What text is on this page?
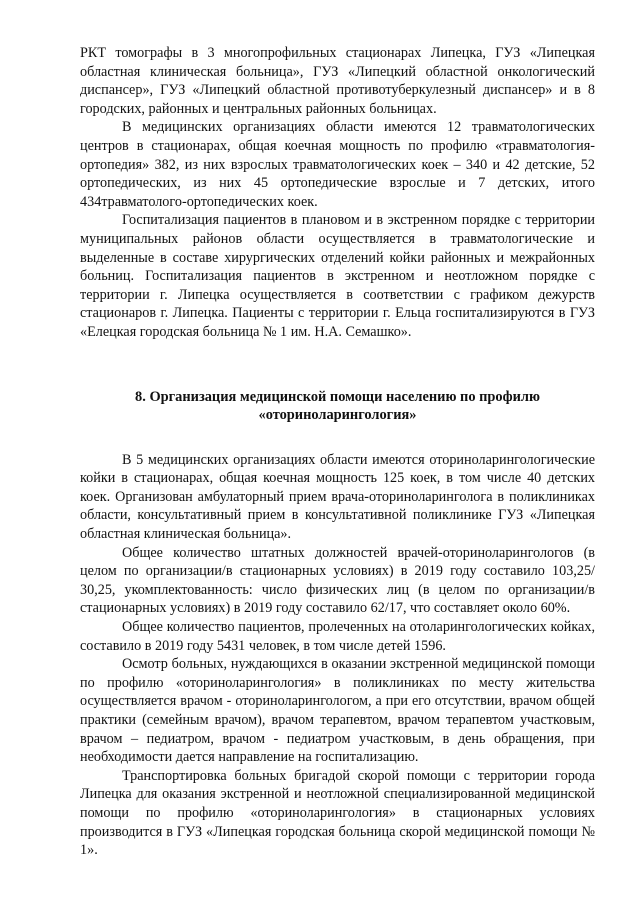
РКТ томографы в 3 многопрофильных стационарах Липецка, ГУЗ «Липецкая областная клиническая больница», ГУЗ «Липецкий областной онкологический диспансер», ГУЗ «Липецкий областной противотуберкулезный диспансер» и в 8 городских, районных и центральных районных больницах.

В медицинских организациях области имеются 12 травматологических центров в стационарах, общая коечная мощность по профилю «травматология-ортопедия» 382, из них взрослых травматологических коек – 340 и 42 детские, 52 ортопедических, из них 45 ортопедические взрослые и 7 детских, итого 434травматолого-ортопедических коек.

Госпитализация пациентов в плановом и в экстренном порядке с территории муниципальных районов области осуществляется в травматологические и выделенные в составе хирургических отделений койки районных и межрайонных больниц. Госпитализация пациентов в экстренном и неотложном порядке с территории г. Липецка осуществляется в соответствии с графиком дежурств стационаров г. Липецка. Пациенты с территории г. Ельца госпитализируются в ГУЗ «Елецкая городская больница № 1 им. Н.А. Семашко».

8. Организация медицинской помощи населению по профилю
«оториноларингология»

В 5 медицинских организациях области имеются оториноларингологические койки в стационарах, общая коечная мощность 125 коек, в том числе 40 детских коек. Организован амбулаторный прием врача-оториноларинголога в поликлиниках области, консультативный прием в консультативной поликлинике ГУЗ «Липецкая областная клиническая больница».

Общее количество штатных должностей врачей-оториноларингологов (в целом по организации/в стационарных условиях) в 2019 году составило 103,25/ 30,25, укомплектованность: число физических лиц (в целом по организации/в стационарных условиях) в 2019 году составило 62/17, что составляет около 60%.

Общее количество пациентов, пролеченных на отоларингологических койках, составило в 2019 году 5431 человек, в том числе детей 1596.

Осмотр больных, нуждающихся в оказании экстренной медицинской помощи по профилю «оториноларингология» в поликлиниках по месту жительства осуществляется врачом - оториноларингологом, а при его отсутствии, врачом общей практики (семейным врачом), врачом терапевтом, врачом терапевтом участковым, врачом – педиатром, врачом - педиатром участковым, в день обращения, при необходимости дается направление на госпитализацию.

Транспортировка больных бригадой скорой помощи с территории города Липецка для оказания экстренной и неотложной специализированной медицинской помощи по профилю «оториноларингология» в стационарных условиях производится в ГУЗ «Липецкая городская больница скорой медицинской помощи № 1».
